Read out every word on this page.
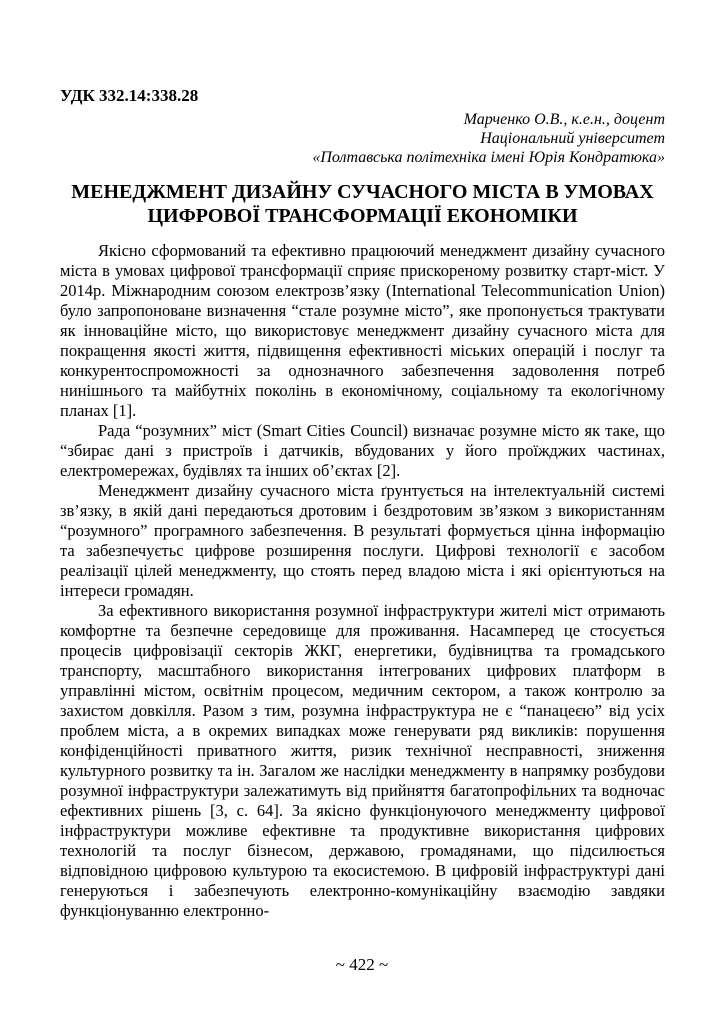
УДК 332.14:338.28
Марченко О.В., к.е.н., доцент
Національний університет
«Полтавська політехніка імені Юрія Кондратюка»
МЕНЕДЖМЕНТ ДИЗАЙНУ СУЧАСНОГО МІСТА В УМОВАХ ЦИФРОВОЇ ТРАНСФОРМАЦІЇ ЕКОНОМІКИ

Якісно сформований та ефективно працюючий менеджмент дизайну сучасного міста в умовах цифрової трансформації сприяє прискореному розвитку старт-міст. У 2014р. Міжнародним союзом електрозв’язку (International Telecommunication Union) було запропоноване визначення “стале розумне місто”, яке пропонується трактувати як інноваційне місто, що використовує менеджмент дизайну сучасного міста для покращення якості життя, підвищення ефективності міських операцій і послуг та конкурентоспроможності за однозначного забезпечення задоволення потреб нинішнього та майбутніх поколінь в економічному, соціальному та екологічному планах [1].

Рада “розумних” міст (Smart Cities Council) визначає розумне місто як таке, що “збирає дані з пристроїв і датчиків, вбудованих у його проїжджих частинах, електромережах, будівлях та інших об’єктах [2].

Менеджмент дизайну сучасного міста ґрунтується на інтелектуальній системі зв’язку, в якій дані передаються дротовим і бездротовим зв’язком з використанням “розумного” програмного забезпечення. В результаті формується цінна інформацію та забезпечуєтьс цифрове розширення послуги. Цифрові технології є засобом реалізації цілей менеджменту, що стоять перед владою міста і які орієнтуються на інтереси громадян.

За ефективного використання розумної інфраструктури жителі міст отримають комфортне та безпечне середовище для проживання. Насамперед це стосується процесів цифровізації секторів ЖКГ, енергетики, будівництва та громадського транспорту, масштабного використання інтегрованих цифрових платформ в управлінні містом, освітнім процесом, медичним сектором, а також контролю за захистом довкілля. Разом з тим, розумна інфраструктура не є “панацеєю” від усіх проблем міста, а в окремих випадках може генерувати ряд викликів: порушення конфіденційності приватного життя, ризик технічної несправності, зниження культурного розвитку та ін. Загалом же наслідки менеджменту в напрямку розбудови розумної інфраструктури залежатимуть від прийняття багатопрофільних та водночас ефективних рішень [3, с. 64]. За якісно функціонуючого менеджменту цифрової інфраструктури можливе ефективне та продуктивне використання цифрових технологій та послуг бізнесом, державою, громадянами, що підсилюється відповідною цифровою культурою та екосистемою. В цифровій інфраструктурі дані генеруються і забезпечують електронно-комунікаційну взаємодію завдяки функціонуванню електронно-

~ 422 ~
